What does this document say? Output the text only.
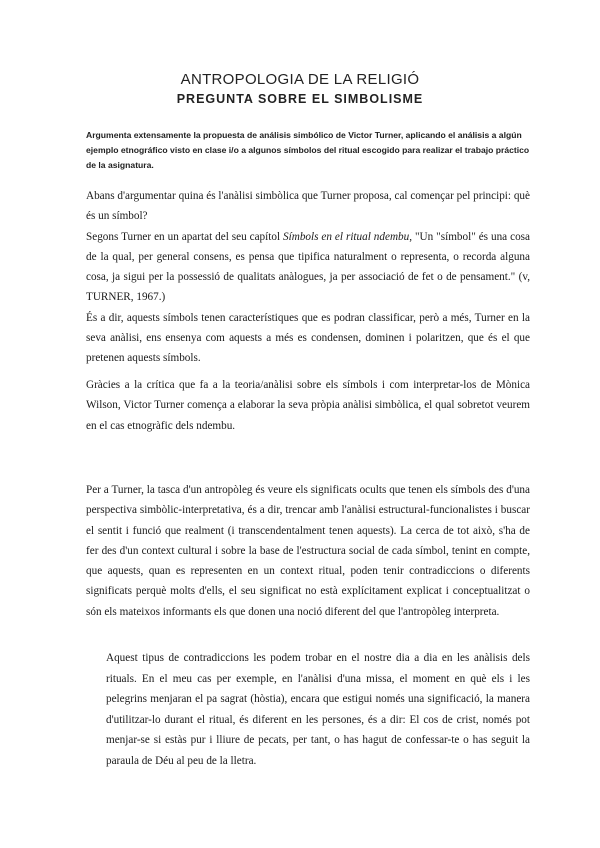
ANTROPOLOGIA DE LA RELIGIÓ
PREGUNTA SOBRE EL SIMBOLISME
Argumenta extensamente la propuesta de análisis simbólico de Victor Turner, aplicando el análisis a algún ejemplo etnográfico visto en clase i/o a algunos símbolos del ritual escogido para realizar el trabajo práctico de la asignatura.

Abans d'argumentar quina és l'anàlisi simbòlica que Turner proposa, cal començar pel principi: què és un símbol?

Segons Turner en un apartat del seu capítol Símbols en el ritual ndembu, "Un "símbol" és una cosa de la qual, per general consens, es pensa que tipifica naturalment o representa, o recorda alguna cosa, ja sigui per la possessió de qualitats anàlogues, ja per associació de fet o de pensament." (v, TURNER, 1967.)

És a dir, aquests símbols tenen característiques que es podran classificar, però a més, Turner en la seva anàlisi, ens ensenya com aquests a més es condensen, dominen i polaritzen, que és el que pretenen aquests símbols.

Gràcies a la crítica que fa a la teoria/anàlisi sobre els símbols i com interpretar-los de Mònica Wilson, Victor Turner comença a elaborar la seva pròpia anàlisi simbòlica, el qual sobretot veurem en el cas etnogràfic dels ndembu.

Per a Turner, la tasca d'un antropòleg és veure els significats ocults que tenen els símbols des d'una perspectiva simbòlic-interpretativa, és a dir, trencar amb l'anàlisi estructural-funcionalistes i buscar el sentit i funció que realment (i transcendentalment tenen aquests). La cerca de tot això, s'ha de fer des d'un context cultural i sobre la base de l'estructura social de cada símbol, tenint en compte, que aquests, quan es representen en un context ritual, poden tenir contradiccions o diferents significats perquè molts d'ells, el seu significat no està explícitament explicat i conceptualitzat o són els mateixos informants els que donen una noció diferent del que l'antropòleg interpreta.

Aquest tipus de contradiccions les podem trobar en el nostre dia a dia en les anàlisis dels rituals. En el meu cas per exemple, en l'anàlisi d'una missa, el moment en què els i les pelegrins menjaran el pa sagrat (hòstia), encara que estigui només una significació, la manera d'utilitzar-lo durant el ritual, és diferent en les persones, és a dir: El cos de crist, només pot menjar-se si estàs pur i lliure de pecats, per tant, o has hagut de confessar-te o has seguit la paraula de Déu al peu de la lletra.
